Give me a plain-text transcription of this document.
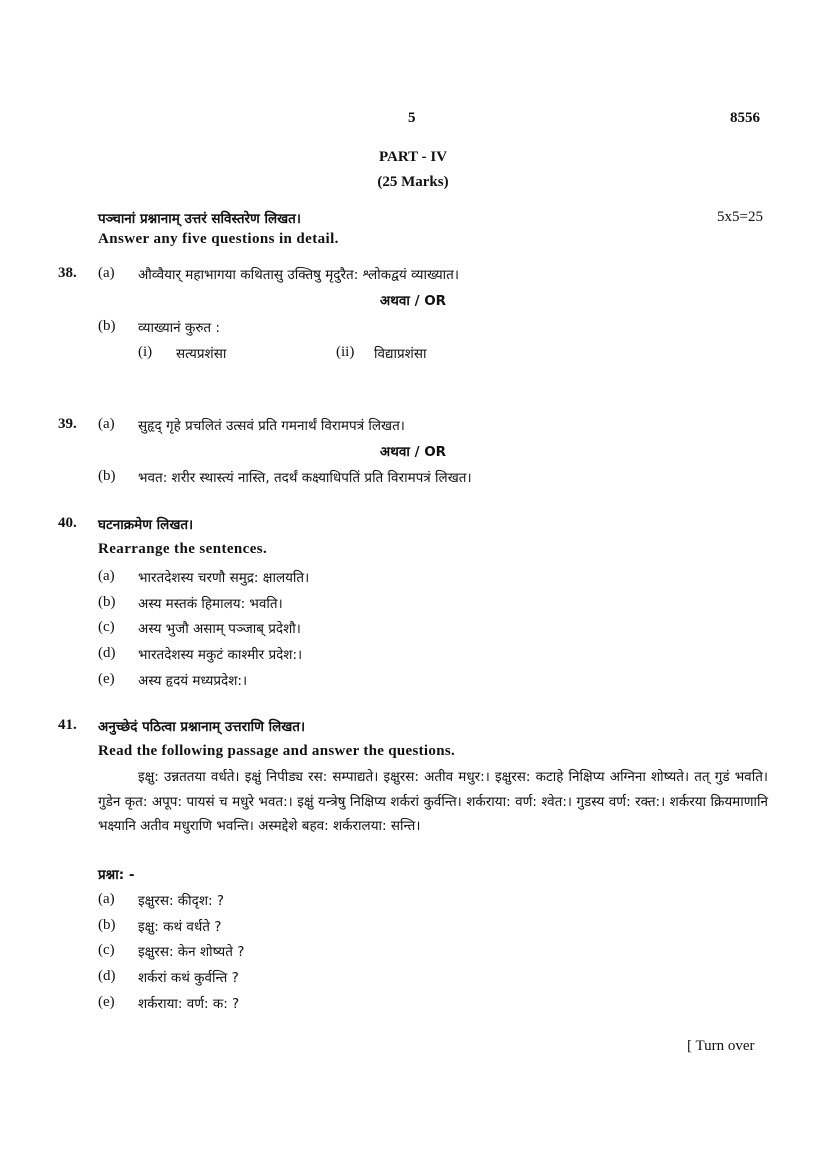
5	8556
PART - IV
(25 Marks)
पञ्चानां प्रश्नानाम् उत्तरं सविस्तरेण लिखत।
Answer any five questions in detail.
5x5=25
38. (a) औव्वैयार् महाभागया कथितासु उक्तिषु मृदुरैत: श्लोकद्वयं व्याख्यात।
अथवा / OR
(b) व्याख्यानं कुरुत :
(i) सत्यप्रशंसा	(ii) विद्याप्रशंसा
39. (a) सुहृद् गृहे प्रचलितं उत्सवं प्रति गमनार्थं विरामपत्रं लिखत।
अथवा / OR
(b) भवत: शरीर स्थास्त्यं नास्ति, तदर्थं कक्ष्याधिपतिं प्रति विरामपत्रं लिखत।
40. घटनाक्रमेण लिखत।
Rearrange the sentences.
(a) भारतदेशस्य चरणौ समुद्र: क्षालयति।
(b) अस्य मस्तकं हिमालय: भवति।
(c) अस्य भुजौ असाम् पञ्जाब् प्रदेशौ।
(d) भारतदेशस्य मकुटं काश्मीर प्रदेश:।
(e) अस्य हृदयं मध्यप्रदेश:।
41. अनुच्छेदं पठित्वा प्रश्नानाम् उत्तराणि लिखत।
Read the following passage and answer the questions.
इक्षु: उन्नततया वर्धते। इक्षुं निपीड्य रस: सम्पाद्यते। इक्षुरस: अतीव मधुर:। इक्षुरस: कटाहे निक्षिप्य अग्निना शोष्यते। तत् गुडं भवति। गुडेन कृत: अपूप: पायसं च मधुरे भवत:। इक्षुं यन्त्रेषु निक्षिप्य शर्करां कुर्वन्ति। शर्कराया: वर्ण: श्वेत:। गुडस्य वर्ण: रक्त:। शर्करया क्रियमाणानि भक्ष्यानि अतीव मधुराणि भवन्ति। अस्मद्देशे बहव: शर्करालया: सन्ति।
प्रश्ना: -
(a) इक्षुरस: कीदृश: ?
(b) इक्षु: कथं वर्धते ?
(c) इक्षुरस: केन शोष्यते ?
(d) शर्करां कथं कुर्वन्ति ?
(e) शर्कराया: वर्ण: क: ?
[ Turn over
